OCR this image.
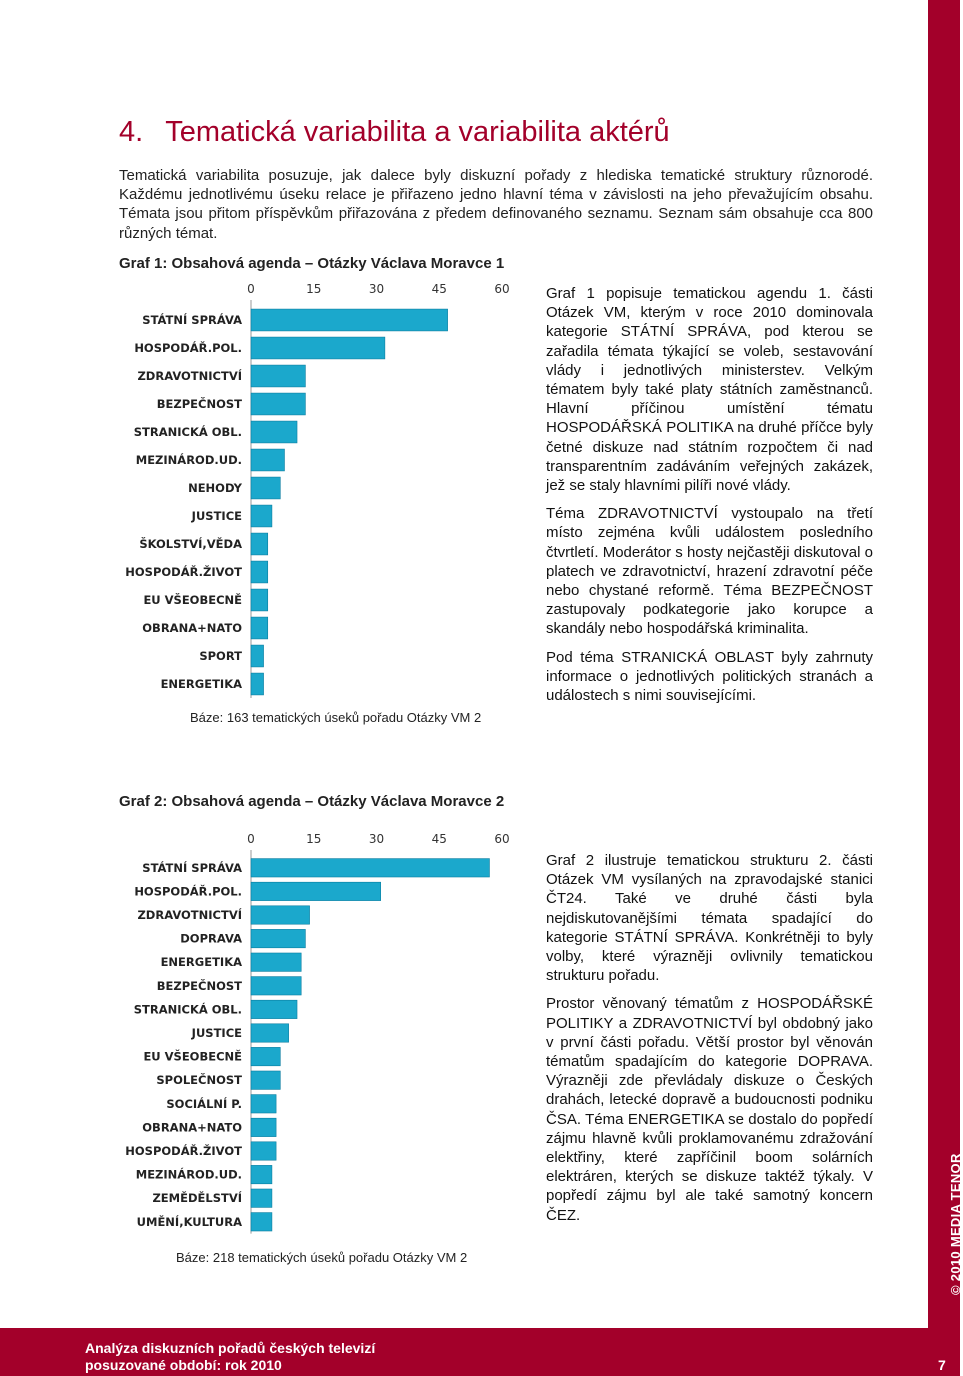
© 2010 MEDIA TENOR
4. Tematická variabilita a variabilita aktérů
Tematická variabilita posuzuje, jak dalece byly diskuzní pořady z hlediska tematické struktury různorodé. Každému jednotlivému úseku relace je přiřazeno jedno hlavní téma v závislosti na jeho převažujícím obsahu. Témata jsou přitom příspěvkům přiřazována z předem definovaného seznamu. Seznam sám obsahuje cca 800 různých témat.
Graf 1: Obsahová agenda – Otázky Václava Moravce 1
0	15	30	45	60
STÁTNÍ SPRÁVA
HOSPODÁŘ.POL.
ZDRAVOTNICTVÍ
BEZPEČNOST
STRANICKÁ OBL.
MEZINÁROD.UD.
NEHODY
JUSTICE
ŠKOLSTVÍ,VĚDA
HOSPODÁŘ.ŽIVOT
EU VŠEOBECNĚ
OBRANA+NATO
SPORT
ENERGETIKA
Báze: 163 tematických úseků pořadu Otázky VM 2
Graf 2: Obsahová agenda – Otázky Václava Moravce 2
0	15	30	45	60
STÁTNÍ SPRÁVA
HOSPODÁŘ.POL.
ZDRAVOTNICTVÍ
DOPRAVA
ENERGETIKA
BEZPEČNOST
STRANICKÁ OBL.
JUSTICE
EU VŠEOBECNĚ
SPOLEČNOST
SOCIÁLNÍ P.
OBRANA+NATO
HOSPODÁŘ.ŽIVOT
MEZINÁROD.UD.
ZEMĚDĚLSTVÍ
UMĚNÍ,KULTURA
Báze: 218 tematických úseků pořadu Otázky VM 2

Graf 1 popisuje tematickou agendu 1. části Otázek VM, kterým v roce 2010 dominovala kategorie STÁTNÍ SPRÁVA, pod kterou se zařadila témata týkající se voleb, sestavování vlády i jednotlivých ministerstev. Velkým tématem byly také platy státních zaměstnanců. Hlavní příčinou umístění tématu HOSPODÁŘSKÁ POLITIKA na druhé příčce byly četné diskuze nad státním rozpočtem či nad transparentním zadáváním veřejných zakázek, jež se staly hlavními pilíři nové vlády.

Téma ZDRAVOTNICTVÍ vystoupalo na třetí místo zejména kvůli událostem posledního čtvrtletí. Moderátor s hosty nejčastěji diskutoval o platech ve zdravotnictví, hrazení zdravotní péče nebo chystané reformě. Téma BEZPEČNOST zastupovaly podkategorie jako korupce a skandály nebo hospodářská kriminalita.

Pod téma STRANICKÁ OBLAST byly zahrnuty informace o jednotlivých politických stranách a událostech s nimi souvisejícími.

Graf 2 ilustruje tematickou strukturu 2. části Otázek VM vysílaných na zpravodajské stanici ČT24. Také ve druhé části byla nejdiskutovanějšími témata spadající do kategorie STÁTNÍ SPRÁVA. Konkrétněji to byly volby, které výrazněji ovlivnily tematickou strukturu pořadu.

Prostor věnovaný tématům z HOSPODÁŘSKÉ POLITIKY a ZDRAVOTNICTVÍ byl obdobný jako v první části pořadu. Větší prostor byl věnován tématům spadajícím do kategorie DOPRAVA. Výrazněji zde převládaly diskuze o Českých drahách, letecké dopravě a budoucnosti podniku ČSA. Téma ENERGETIKA se dostalo do popředí zájmu hlavně kvůli proklamovanému zdražování elektřiny, které zapříčinil boom solárních elektráren, kterých se diskuze taktéž týkaly. V popředí zájmu byl ale také samotný koncern ČEZ.

Analýza diskuzních pořadů českých televizí
posuzované období: rok 2010	7
